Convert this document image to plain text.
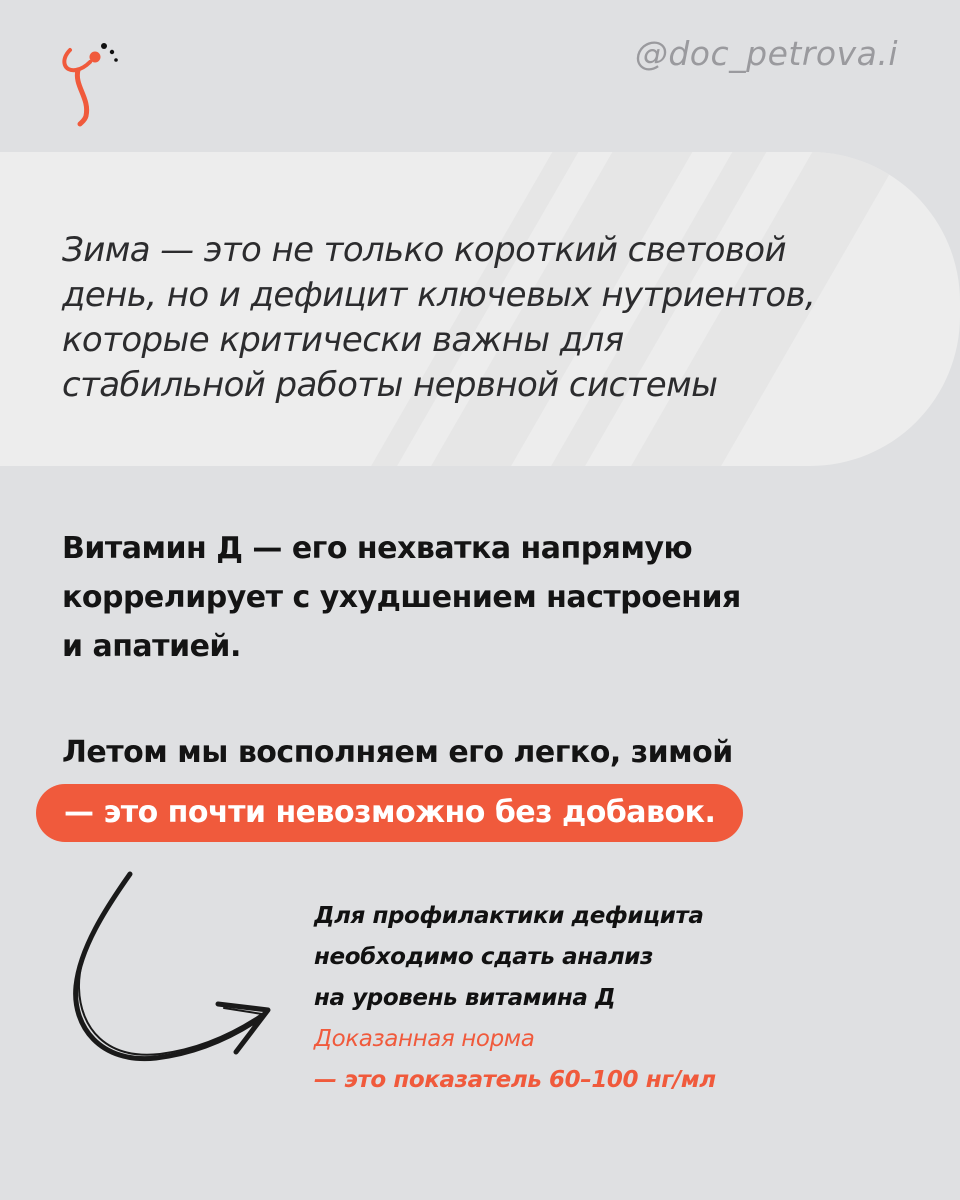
@doc_petrova.i

Зима — это не только короткий световой
день, но и дефицит ключевых нутриентов,
которые критически важны для
стабильной работы нервной системы

Витамин Д — его нехватка напрямую
коррелирует с ухудшением настроения
и апатией.

Летом мы восполняем его легко, зимой
— это почти невозможно без добавок.

Для профилактики дефицита
необходимо сдать анализ
на уровень витамина Д
Доказанная норма
— это показатель 60–100 нг/мл
